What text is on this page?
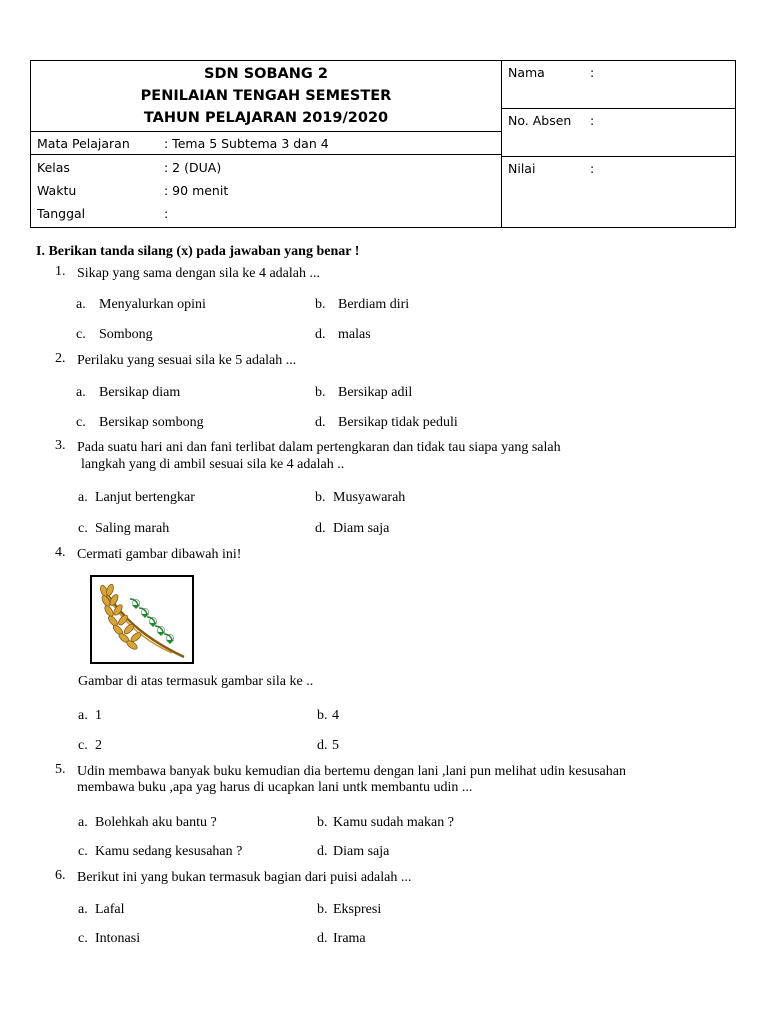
SDN SOBANG 2
PENILAIAN TENGAH SEMESTER
TAHUN PELAJARAN 2019/2020
Mata Pelajaran	: Tema 5 Subtema 3 dan 4
Kelas	: 2 (DUA)
Waktu	: 90 menit
Tanggal	:
Nama	:
No. Absen :
Nilai	:
I. Berikan tanda silang (x) pada jawaban yang benar !
1. Sikap yang sama dengan sila ke 4 adalah ...
a. Menyalurkan opini	b. Berdiam diri
c. Sombong	d. malas
2. Perilaku yang sesuai sila ke 5 adalah ...
a. Bersikap diam	b. Bersikap adil
c. Bersikap sombong	d. Bersikap tidak peduli
3. Pada suatu hari ani dan fani terlibat dalam pertengkaran dan tidak tau siapa yang salah
langkah yang di ambil sesuai sila ke 4 adalah ..
a. Lanjut bertengkar	b. Musyawarah
c. Saling marah	d. Diam saja
4. Cermati gambar dibawah ini!
Gambar di atas termasuk gambar sila ke ..
a. 1	b. 4
c. 2	d. 5
5. Udin membawa banyak buku kemudian dia bertemu dengan lani ,lani pun melihat udin kesusahan
membawa buku ,apa yag harus di ucapkan lani untk membantu udin ...
a. Bolehkah aku bantu ?	b. Kamu sudah makan ?
c. Kamu sedang kesusahan ?	d. Diam saja
6. Berikut ini yang bukan termasuk bagian dari puisi adalah ...
a. Lafal	b. Ekspresi
c. Intonasi	d. Irama
